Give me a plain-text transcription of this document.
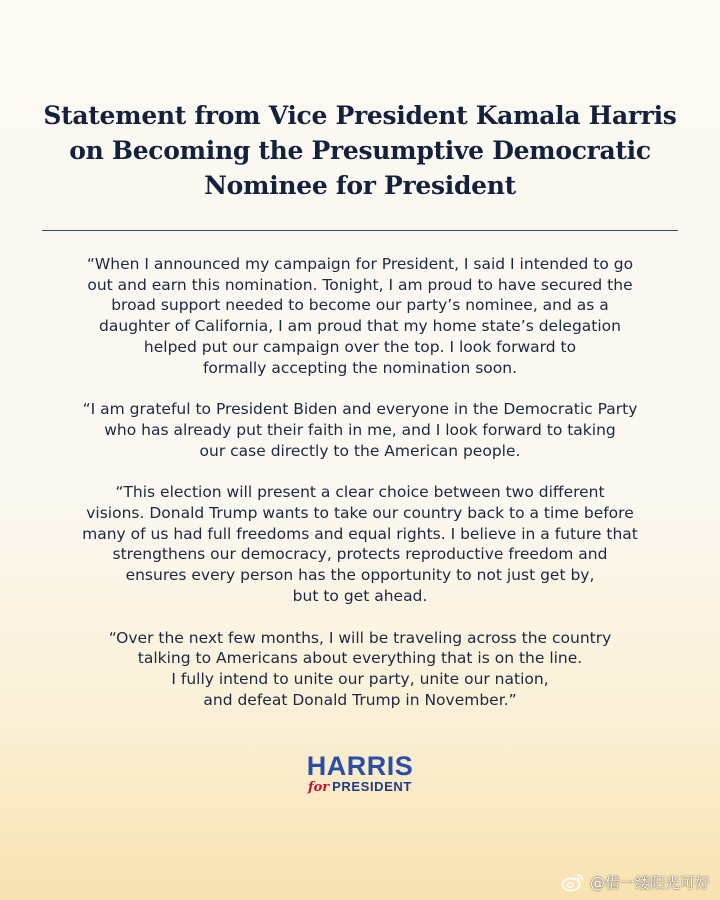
Statement from Vice President Kamala Harris
on Becoming the Presumptive Democratic
Nominee for President

“When I announced my campaign for President, I said I intended to go
out and earn this nomination. Tonight, I am proud to have secured the
broad support needed to become our party’s nominee, and as a
daughter of California, I am proud that my home state’s delegation
helped put our campaign over the top. I look forward to
formally accepting the nomination soon.

“I am grateful to President Biden and everyone in the Democratic Party
who has already put their faith in me, and I look forward to taking
our case directly to the American people.

“This election will present a clear choice between two different
visions. Donald Trump wants to take our country back to a time before
many of us had full freedoms and equal rights. I believe in a future that
strengthens our democracy, protects reproductive freedom and
ensures every person has the opportunity to not just get by,
but to get ahead.

“Over the next few months, I will be traveling across the country
talking to Americans about everything that is on the line.
I fully intend to unite our party, unite our nation,
and defeat Donald Trump in November.”

HARRIS
for PRESIDENT
@借一缕阳光可好
